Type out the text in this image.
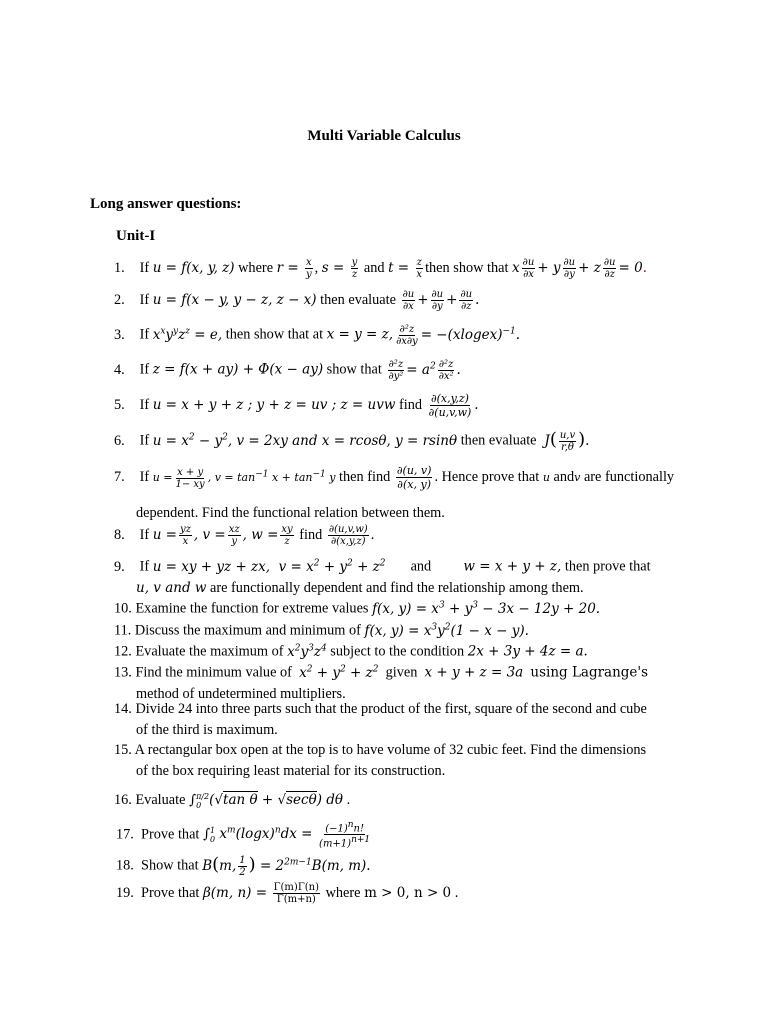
Multi Variable Calculus
Long answer questions:
Unit-I
1. If u = f(x, y, z) where $r = \frac{x}{y}$ , $s = \frac{y}{z}$ and $t = \frac{z}{x}$ then show that x $\frac{\partial u}{\partial x} + y \frac{\partial u}{\partial y} + z \frac{\partial u}{\partial z} = 0$.
2. If u = f(x − y, y − z, z − x) then evaluate $\frac{\partial u}{\partial x} + \frac{\partial u}{\partial y} + \frac{\partial u}{\partial z}$ .
3. If $x^xy^yz^z = e$, then show that at x = y = z, $\frac{\text{∂²z}}{\partial x\partial y}$ = −(xlogex)$^{-1}$.
4. If z = f(x + ay) + Φ(x − ay) show that $\frac{\text{∂²z}}{\text{∂y²}} = a^2 \frac{\text{∂²z}}{\text{∂x²}}$ .
5. If u = x + y + z ; y + z = uv ; z = uvw find $\frac{\partial(x,y,z)}{\partial(u,v,w)}$ .
6. If $u = x^2 - y^2$, v = 2xy and x = rcosθ, y = rsinθ then evaluate  $J( \frac{u,v}{r,\theta}$ ).
7. If $u = \frac{x + y}{1- xy}$ , $v = \tan^{-1} x + \tan^{-1} y$ then find $\frac{\partial(u, v)}{\partial(x, y)}$ . Hence prove that u andv are functionally
dependent. Find the functional relation between them.
8. If $u = \frac{yz}{x}$ , $v = \frac{xz}{y}$ , $w = \frac{xy}{z}$ find $\frac{\partial(u,v,w)}{\partial(x,y,z)}$ .
9. If u = xy + yz + zx,  $v = x^2 + y^2 + z^2$ and w = x + y + z, then prove that
u, v and w are functionally dependent and find the relationship among them.
10. Examine the function for extreme values f(x, $y) = x^3 + y^3 - 3x - 12y + 20$.
11. Discuss the maximum and minimum of f(x, $y) = x^3y^2(1 - x - y)$.
12. Evaluate the maximum of $x^2y^3z^4$ subject to the condition 2x + 3y + 4z = a.
13. Find the minimum value of $x^2 + y^2 + z^2$ given x + y + z = 3a using Lagrange's
method of undetermined multipliers.
14. Divide 24 into three parts such that the product of the first, square of the second and cube
of the third is maximum.
15. A rectangular box open at the top is to have volume of 32 cubic feet. Find the dimensions
of the box requiring least material for its construction.
16. Evaluate ∫ π/2
0 (√tan θ + √secθ) dθ .
17. Prove that ∫ 1
0 $x^m(\log x)^ndx = \frac{(-1)^nn!}{(m+1)^{n+1}}$
18. Show that B(m, $\frac{1}{2}$ ) = $2^{2m-1}B(m$, m).
19. Prove that β(m, $n) = \frac{\Gamma(m)\Gamma(n)}{\Gamma(m+n)}$ where m > 0, n > 0 .
